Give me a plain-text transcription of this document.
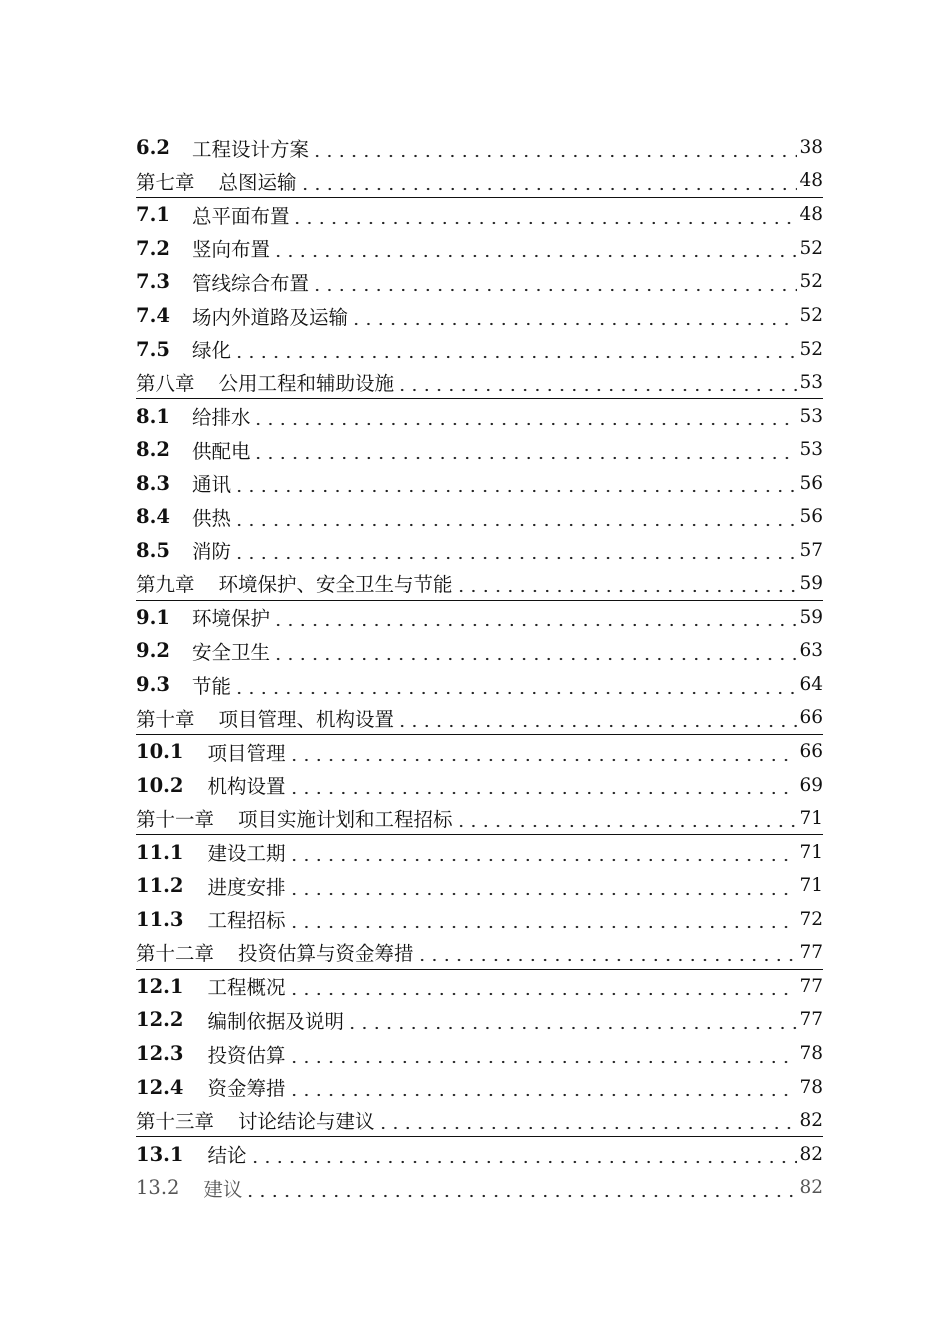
6.2 工程设计方案	38
第七章 总图运输	48
7.1 总平面布置	48
7.2 竖向布置	52
7.3 管线综合布置	52
7.4 场内外道路及运输	52
7.5 绿化	52
第八章 公用工程和辅助设施	53
8.1 给排水	53
8.2 供配电	53
8.3 通讯	56
8.4 供热	56
8.5 消防	57
第九章 环境保护、安全卫生与节能	59
9.1 环境保护	59
9.2 安全卫生	63
9.3 节能	64
第十章 项目管理、机构设置	66
10.1 项目管理	66
10.2 机构设置	69
第十一章 项目实施计划和工程招标	71
11.1 建设工期	71
11.2 进度安排	71
11.3 工程招标	72
第十二章 投资估算与资金筹措	77
12.1 工程概况	77
12.2 编制依据及说明	77
12.3 投资估算	78
12.4 资金筹措	78
第十三章 讨论结论与建议	82
13.1 结论	82
13.2 建议	82
